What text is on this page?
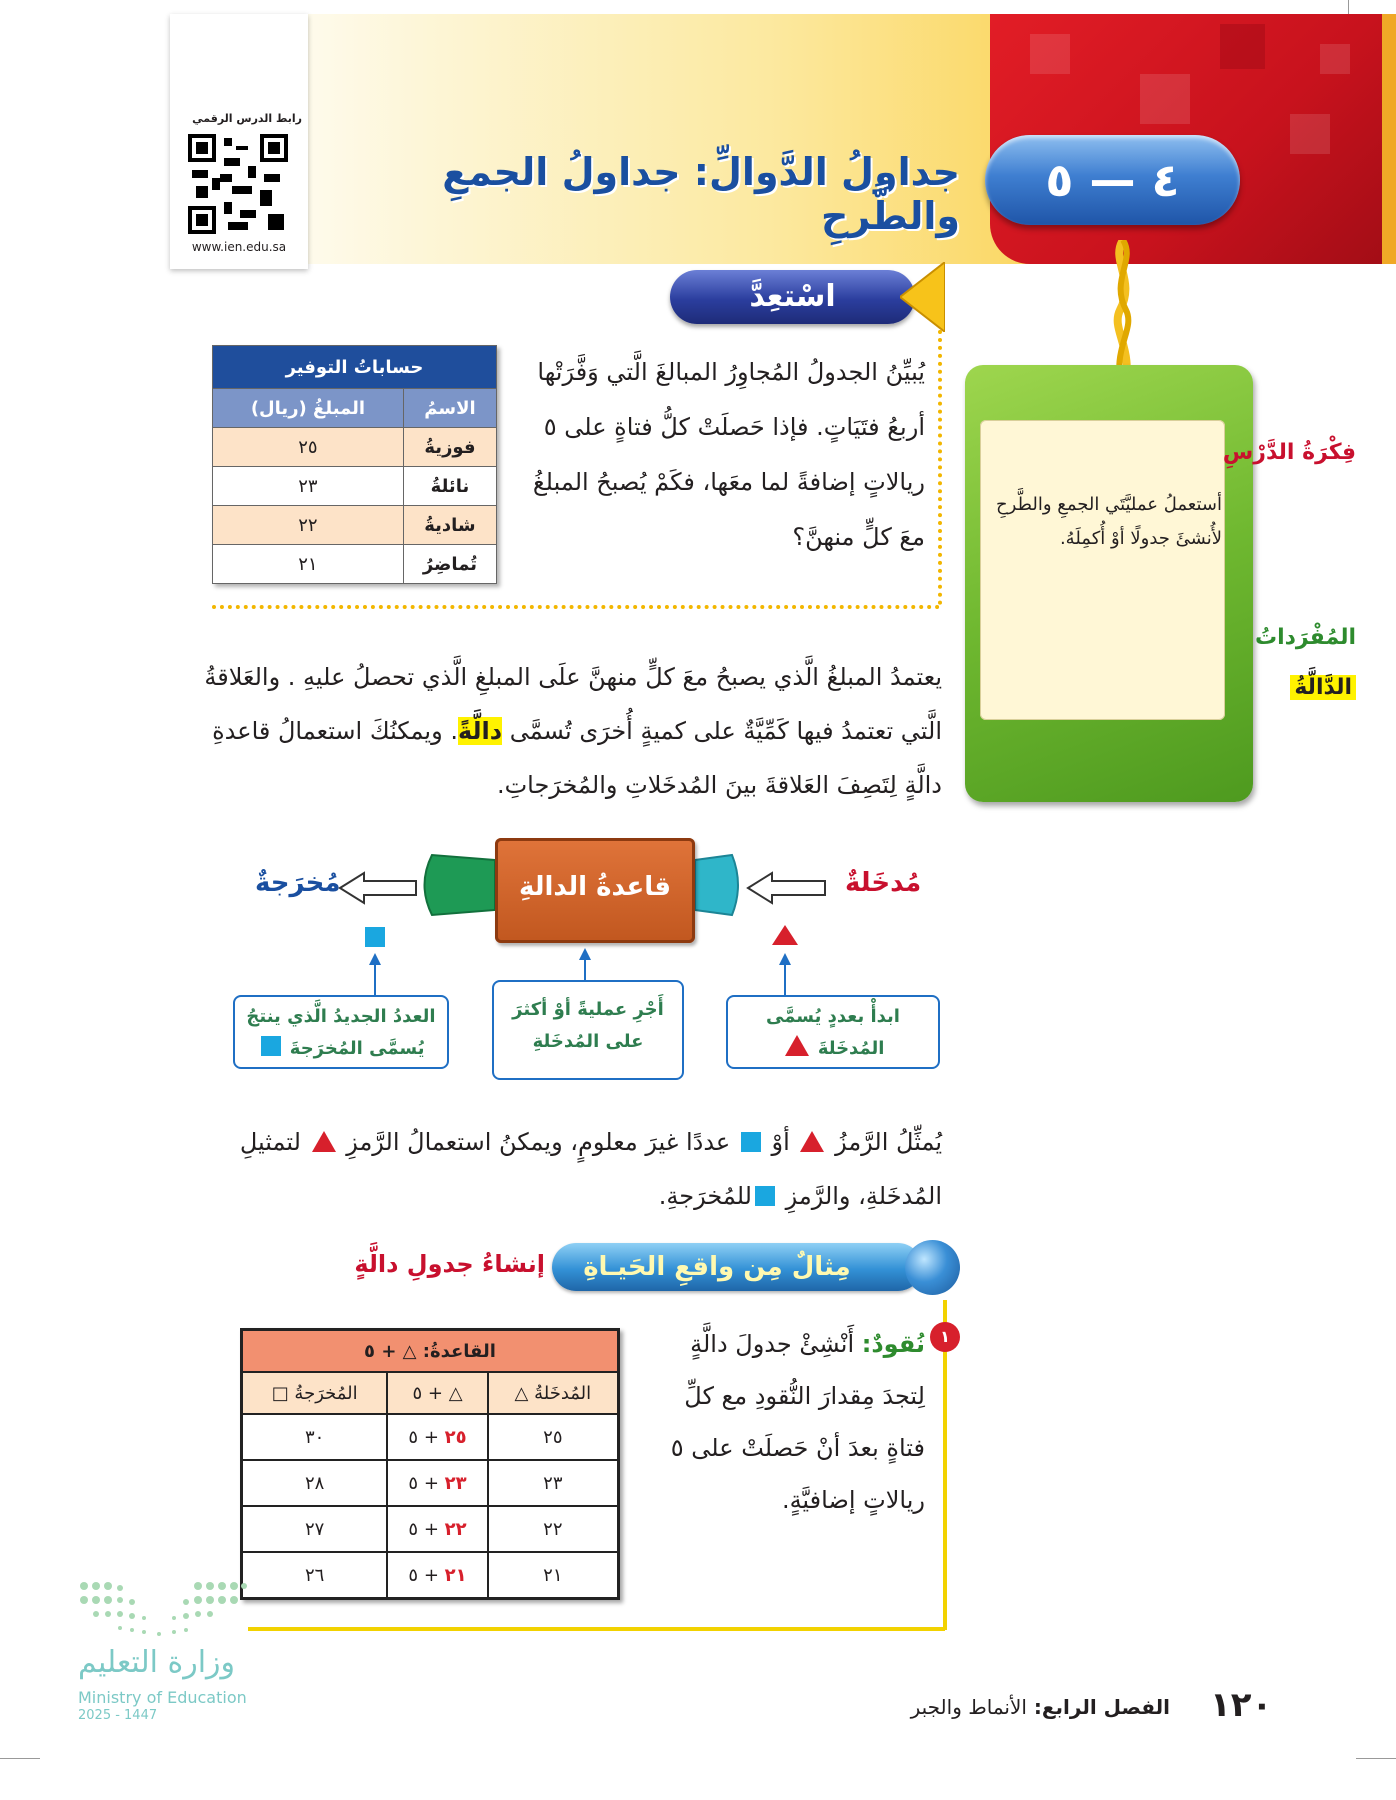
رابط الدرس الرقمي
www.ien.edu.sa
٤ — ٥
جداولُ الدَّوالِّ: جداولُ الجمعِ والطَّرحِ
فِكْرَةُ الدَّرْسِ
أستعملُ عمليَّتَي الجمعِ والطَّرحِ لأُنشئَ جدولًا أوْ أُكمِلَهُ.
المُفْرَداتُ
الدَّالَّةُ
اسْتعِدَّ
يُبيِّنُ الجدولُ المُجاوِرُ المبالغَ الَّتي وَفَّرَتْها أربعُ فتَيَاتٍ. فإذا حَصلَتْ كلُّ فتاةٍ على ٥ ريالاتٍ إضافةً لما معَها، فكَمْ يُصبحُ المبلغُ معَ كلٍّ منهنَّ؟
حساباتُ التوفير	
الاسمُ	المبلغُ (ريال)
فوزيةُ	٢٥
نائلةُ	٢٣
شاديةُ	٢٢
تُماضِرُ	٢١
يعتمدُ المبلغُ الَّذي يصبحُ معَ كلٍّ منهنَّ علَى المبلغِ الَّذي تحصلُ عليهِ . والعَلاقةُ الَّتي تعتمدُ فيها كَمِّيَّةٌ على كميةٍ أُخرَى تُسمَّى دالَّةً. ويمكنُكَ استعمالُ قاعدةِ دالَّةٍ لِتَصِفَ العَلاقةَ بينَ المُدخَلاتِ والمُخرَجاتِ.
مُدخَلةٌ
مُخرَجةٌ	قاعدةُ الدالةِ
ابدأْ بعددٍ يُسمَّى
المُدخَلةَ
أَجْرِ عمليةً أوْ أكثرَ
على المُدخَلةِ
العددُ الجديدُ الَّذي ينتجُ
يُسمَّى المُخرَجةَ
يُمثِّلُ الرَّمزُ  أوْ  عددًا غيرَ معلومٍ، ويمكنُ استعمالُ الرَّمزِ  لتمثيلِ المُدخَلةِ، والرَّمزِ للمُخرَجةِ.
مِثالٌ مِن واقعِ الحَيـاةِ
إنشاءُ جدولِ دالَّةٍ
١
نُقودٌ: أَنْشِئْ جدولَ دالَّةٍ لِتجدَ مِقدارَ النُّقودِ مع كلِّ فتاةٍ بعدَ أنْ حَصلَتْ على ٥ ريالاتٍ إضافيَّةٍ.
القاعدةُ: △ + ٥		
المُدخَلةُ △	△ + ٥	المُخرَجةُ □
٢٥	٢٥ + ٥	٣٠
٢٣	٢٣ + ٥	٢٨
٢٢	٢٢ + ٥	٢٧
٢١	٢١ + ٥	٢٦
وزارة التعليم
Ministry of Education
2025 - 1447	الفصل الرابع: الأنماط والجبر	١٢٠
